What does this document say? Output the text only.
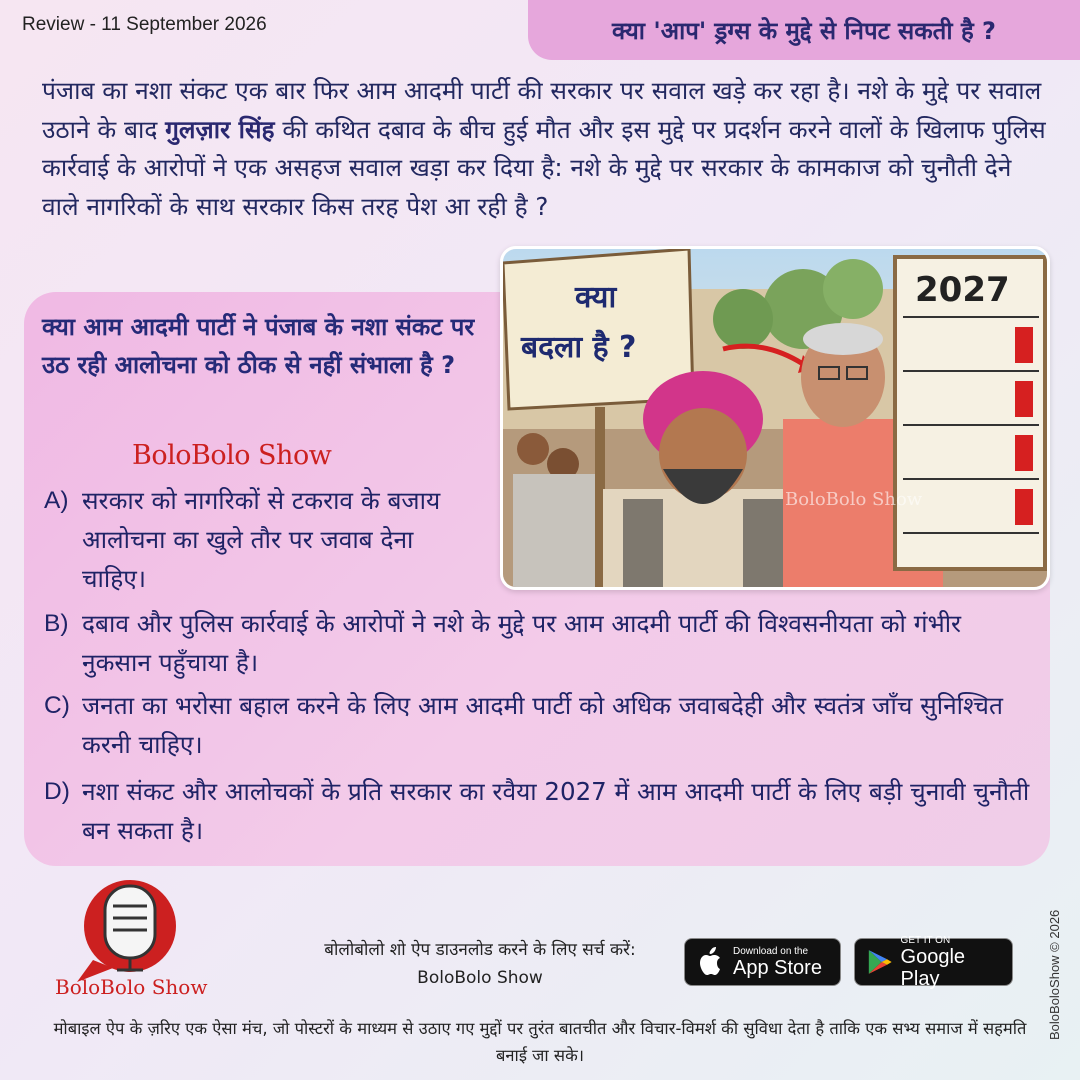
Review - 11 September 2026	क्या 'आप' ड्रग्स के मुद्दे से निपट सकती है ?
पंजाब का नशा संकट एक बार फिर आम आदमी पार्टी की सरकार पर सवाल खड़े कर रहा है। नशे के मुद्दे पर सवाल उठाने के बाद गुलज़ार सिंह की कथित दबाव के बीच हुई मौत और इस मुद्दे पर प्रदर्शन करने वालों के खिलाफ पुलिस कार्रवाई के आरोपों ने एक असहज सवाल खड़ा कर दिया है: नशे के मुद्दे पर सरकार के कामकाज को चुनौती देने वाले नागरिकों के साथ सरकार किस तरह पेश आ रही है ?
क्या आम आदमी पार्टी ने पंजाब के नशा संकट पर उठ रही आलोचना को ठीक से नहीं संभाला है ?
BoloBolo Show
A) सरकार को नागरिकों से टकराव के बजाय आलोचना का खुले तौर पर जवाब देना चाहिए।
B) दबाव और पुलिस कार्रवाई के आरोपों ने नशे के मुद्दे पर आम आदमी पार्टी की विश्वसनीयता को गंभीर नुकसान पहुँचाया है।
C) जनता का भरोसा बहाल करने के लिए आम आदमी पार्टी को अधिक जवाबदेही और स्वतंत्र जाँच सुनिश्चित करनी चाहिए।
D) नशा संकट और आलोचकों के प्रति सरकार का रवैया 2027 में आम आदमी पार्टी के लिए बड़ी चुनावी चुनौती बन सकता है।
क्या
बदला है ?
2027
BoloBolo Show
BoloBolo Show
बोलोबोलो शो ऐप डाउनलोड करने के लिए सर्च करें:
BoloBolo Show
Download on the
App Store
GET IT ON
Google Play
मोबाइल ऐप के ज़रिए एक ऐसा मंच, जो पोस्टरों के माध्यम से उठाए गए मुद्दों पर तुरंत बातचीत और विचार-विमर्श की सुविधा देता है ताकि एक सभ्य समाज में सहमति बनाई जा सके।
BoloBoloShow © 2026
